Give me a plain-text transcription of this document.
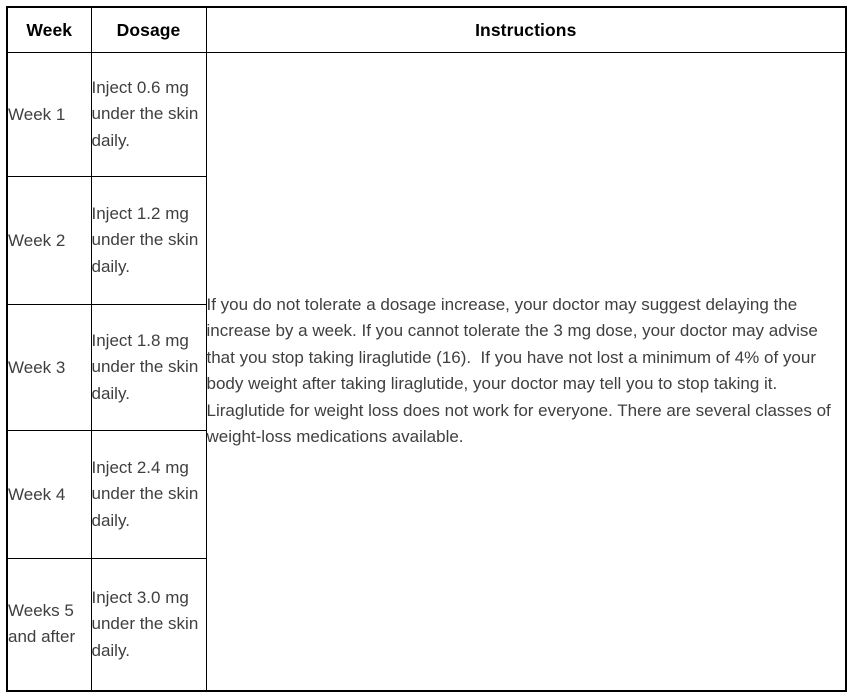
Week	Dosage	Instructions
Week 1	Inject 0.6 mg under the skin daily.	If you do not tolerate a dosage increase, your doctor may suggest delaying the increase by a week. If you cannot tolerate the 3 mg dose, your doctor may advise that you stop taking liraglutide (16).  If you have not lost a minimum of 4% of your body weight after taking liraglutide, your doctor may tell you to stop taking it. Liraglutide for weight loss does not work for everyone. There are several classes of weight-loss medications available.

Week 2	Inject 1.2 mg under the skin daily.	
Week 3	Inject 1.8 mg under the skin daily.	
Week 4	Inject 2.4 mg under the skin daily.	
Weeks 5 and after	Inject 3.0 mg under the skin daily.	
